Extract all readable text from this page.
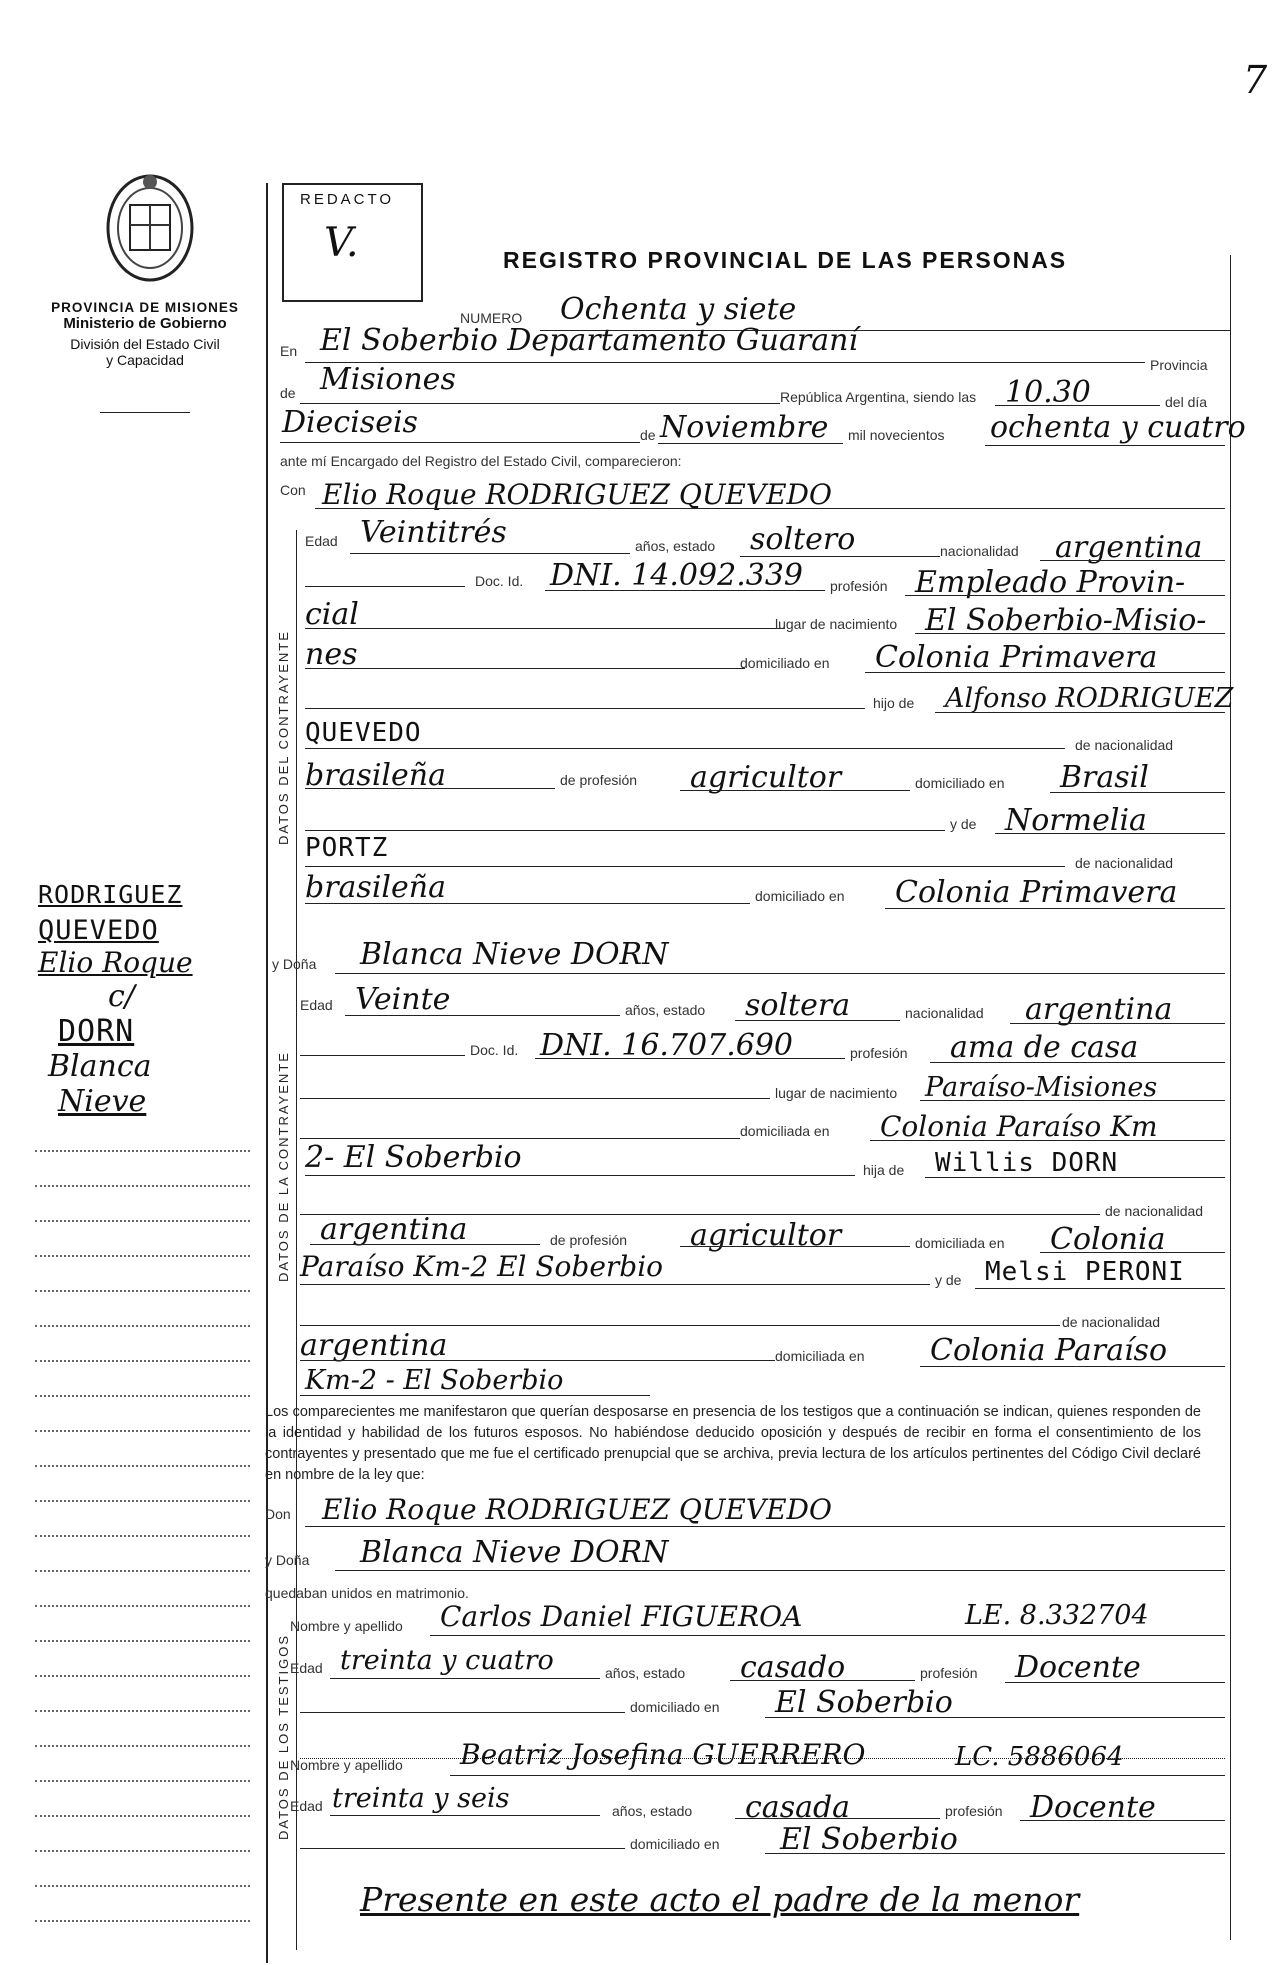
7
PROVINCIA DE MISIONES
Ministerio de Gobierno
División del Estado Civil
y Capacidad
REDACTO
V.	REGISTRO PROVINCIAL DE LAS PERSONAS
DATOS DEL CONTRAYENTE
DATOS DE LA CONTRAYENTE
DATOS DE LOS TESTIGOS
RODRIGUEZ
QUEVEDO
Elio Roque
c/
DORN
Blanca
Nieve
NUMERO Ochenta y siete
En El Soberbio Departamento Guaraní
Provincia
de Misiones	República Argentina, siendo las 10.30	del día
Dieciseis	de Noviembre mil novecientos ochenta y cuatro
ante mí Encargado del Registro del Estado Civil, comparecieron:
Con Elio Roque RODRIGUEZ QUEVEDO
Edad Veintitrés	años, estado soltero	nacionalidad argentina
Doc. Id. DNI. 14.092.339 profesión Empleado Provin-
cial	lugar de nacimiento El Soberbio-Misio-
nes	domiciliado en Colonia Primavera
hijo de Alfonso RODRIGUEZ
QUEVEDO	de nacionalidad
brasileña	de profesión agricultor	domiciliado en Brasil
y de Normelia
PORTZ	de nacionalidad
brasileña	domiciliado en Colonia Primavera
y Doña Blanca Nieve DORN
Edad Veinte	años, estado soltera	nacionalidad argentina
Doc. Id. DNI. 16.707.690	profesión ama de casa
lugar de nacimiento Paraíso-Misiones
domiciliada en Colonia Paraíso Km
2- El Soberbio	hija de Willis DORN
de nacionalidad
argentina	de profesión agricultor	domiciliada en Colonia
Paraíso Km-2 El Soberbio	y de Melsi PERONI
de nacionalidad
argentina	domiciliada en Colonia Paraíso
Km-2 - El Soberbio
Los comparecientes me manifestaron que querían desposarse en presencia de los testigos que a continuación se indican, quienes responden de la identidad y habilidad de los futuros esposos. No habiéndose deducido oposición y después de recibir en forma el consentimiento de los contrayentes y presentado que me fue el certificado prenupcial que se archiva, previa lectura de los artículos pertinentes del Código Civil declaré en nombre de la ley que:
Don Elio Roque RODRIGUEZ QUEVEDO
y Doña Blanca Nieve DORN
quedaban unidos en matrimonio.
Nombre y apellido Carlos Daniel FIGUEROA	LE. 8.332704
Edad treinta y cuatro	años, estado casado	profesión Docente
domiciliado en El Soberbio
Nombre y apellido Beatriz Josefina GUERRERO	LC. 5886064
Edad treinta y seis	años, estado casada	profesión Docente
domiciliado en El Soberbio
Presente en este acto el padre de la menor
